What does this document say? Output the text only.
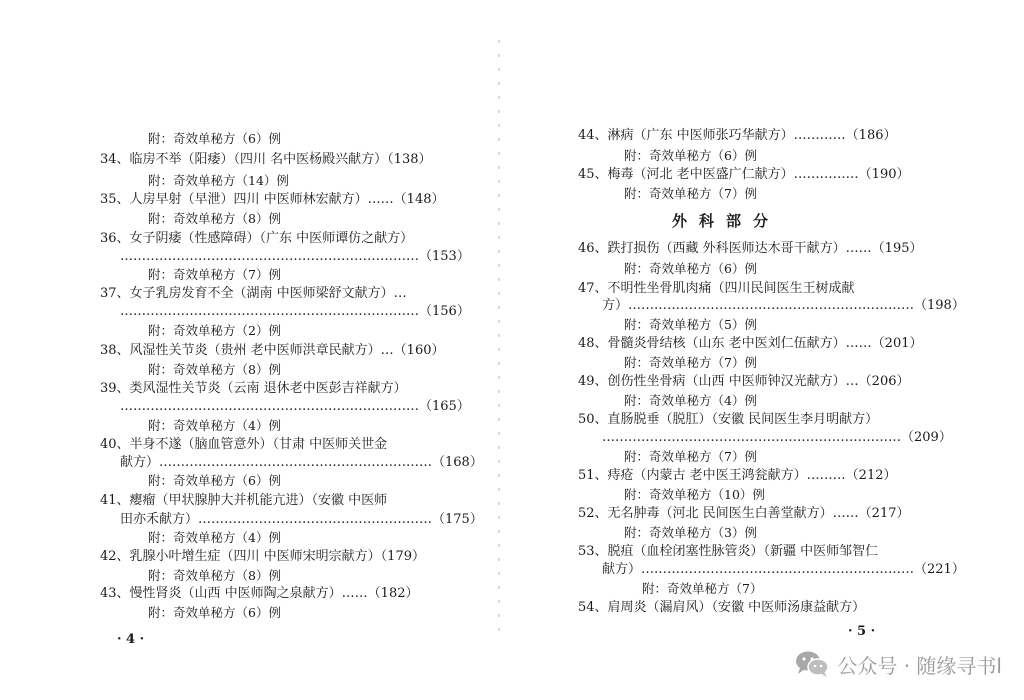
附：奇效单秘方（6）例
34、临房不举（阳痿）（四川 名中医杨殿兴献方）（138）
附：奇效单秘方（14）例
35、人房早射（早泄）四川 中医师林宏献方）……（148）
附：奇效单秘方（8）例
36、女子阴痿（性感障碍）（广东 中医师谭仿之献方）
……………………………………………………………（153）
附：奇效单秘方（7）例
37、女子乳房发育不全（湖南 中医师梁舒文献方）…
……………………………………………………………（156）
附：奇效单秘方（2）例
38、风湿性关节炎（贵州 老中医师洪章民献方）…（160）
附：奇效单秘方（8）例
39、类风湿性关节炎（云南 退休老中医彭吉祥献方）
……………………………………………………………（165）
附：奇效单秘方（4）例
40、半身不遂（脑血管意外）（甘肃 中医师关世金
献方）………………………………………………………（168）
附：奇效单秘方（6）例
41、瘿瘤（甲状腺肿大并机能亢进）（安徽 中医师
田亦禾献方）………………………………………………（175）
附：奇效单秘方（4）例
42、乳腺小叶增生症（四川 中医师宋明宗献方）（179）
附：奇效单秘方（8）例
43、慢性肾炎（山西 中医师陶之泉献方）……（182）
附：奇效单秘方（6）例
· 4 ·
44、淋病（广东 中医师张巧华献方）…………（186）
附：奇效单秘方（6）例
45、梅毒（河北 老中医盛广仁献方）……………（190）
附：奇效单秘方（7）例
外科部分
46、跌打损伤（西藏 外科医师达木哥干献方）……（195）
附：奇效单秘方（6）例
47、不明性坐骨肌肉痛（四川民间医生王树成献
方）…………………………………………………………（198）
附：奇效单秘方（5）例
48、骨髓炎骨结核（山东 老中医刘仁伍献方）……（201）
附：奇效单秘方（7）例
49、创伤性坐骨病（山西 中医师钟汉光献方）…（206）
附：奇效单秘方（4）例
50、直肠脱垂（脱肛）（安徽 民间医生李月明献方）
……………………………………………………………（209）
附：奇效单秘方（7）例
51、痔疮（内蒙古 老中医王鸿瓮献方）………（212）
附：奇效单秘方（10）例
52、无名肿毒（河北 民间医生白善堂献方）……（217）
附：奇效单秘方（3）例
53、脱疽（血栓闭塞性脉管炎）（新疆 中医师邹智仁
献方）………………………………………………………（221）
附：奇效单秘方（7）
54、肩周炎（漏肩风）（安徽 中医师汤康益献方）
· 5 ·
公众号 · 随缘寻书l
